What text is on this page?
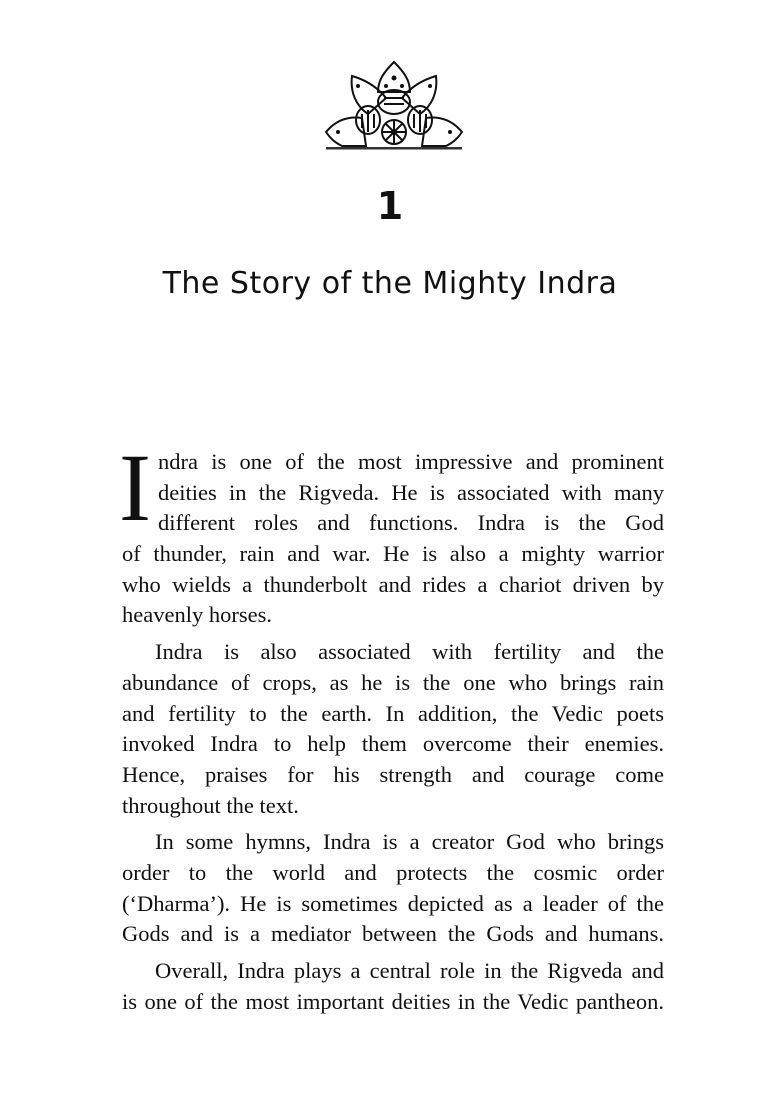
1
The Story of the Mighty Indra
I ndra is one of the most impressive and prominent
deities in the Rigveda. He is associated with many
different roles and functions. Indra is the God
of thunder, rain and war. He is also a mighty warrior
who wields a thunderbolt and rides a chariot driven by
heavenly horses.
Indra is also associated with fertility and the
abundance of crops, as he is the one who brings rain
and fertility to the earth. In addition, the Vedic poets
invoked Indra to help them overcome their enemies.
Hence, praises for his strength and courage come
throughout the text.
In some hymns, Indra is a creator God who brings
order to the world and protects the cosmic order
(‘Dharma’). He is sometimes depicted as a leader of the
Gods and is a mediator between the Gods and humans.
Overall, Indra plays a central role in the Rigveda and
is one of the most important deities in the Vedic pantheon.
